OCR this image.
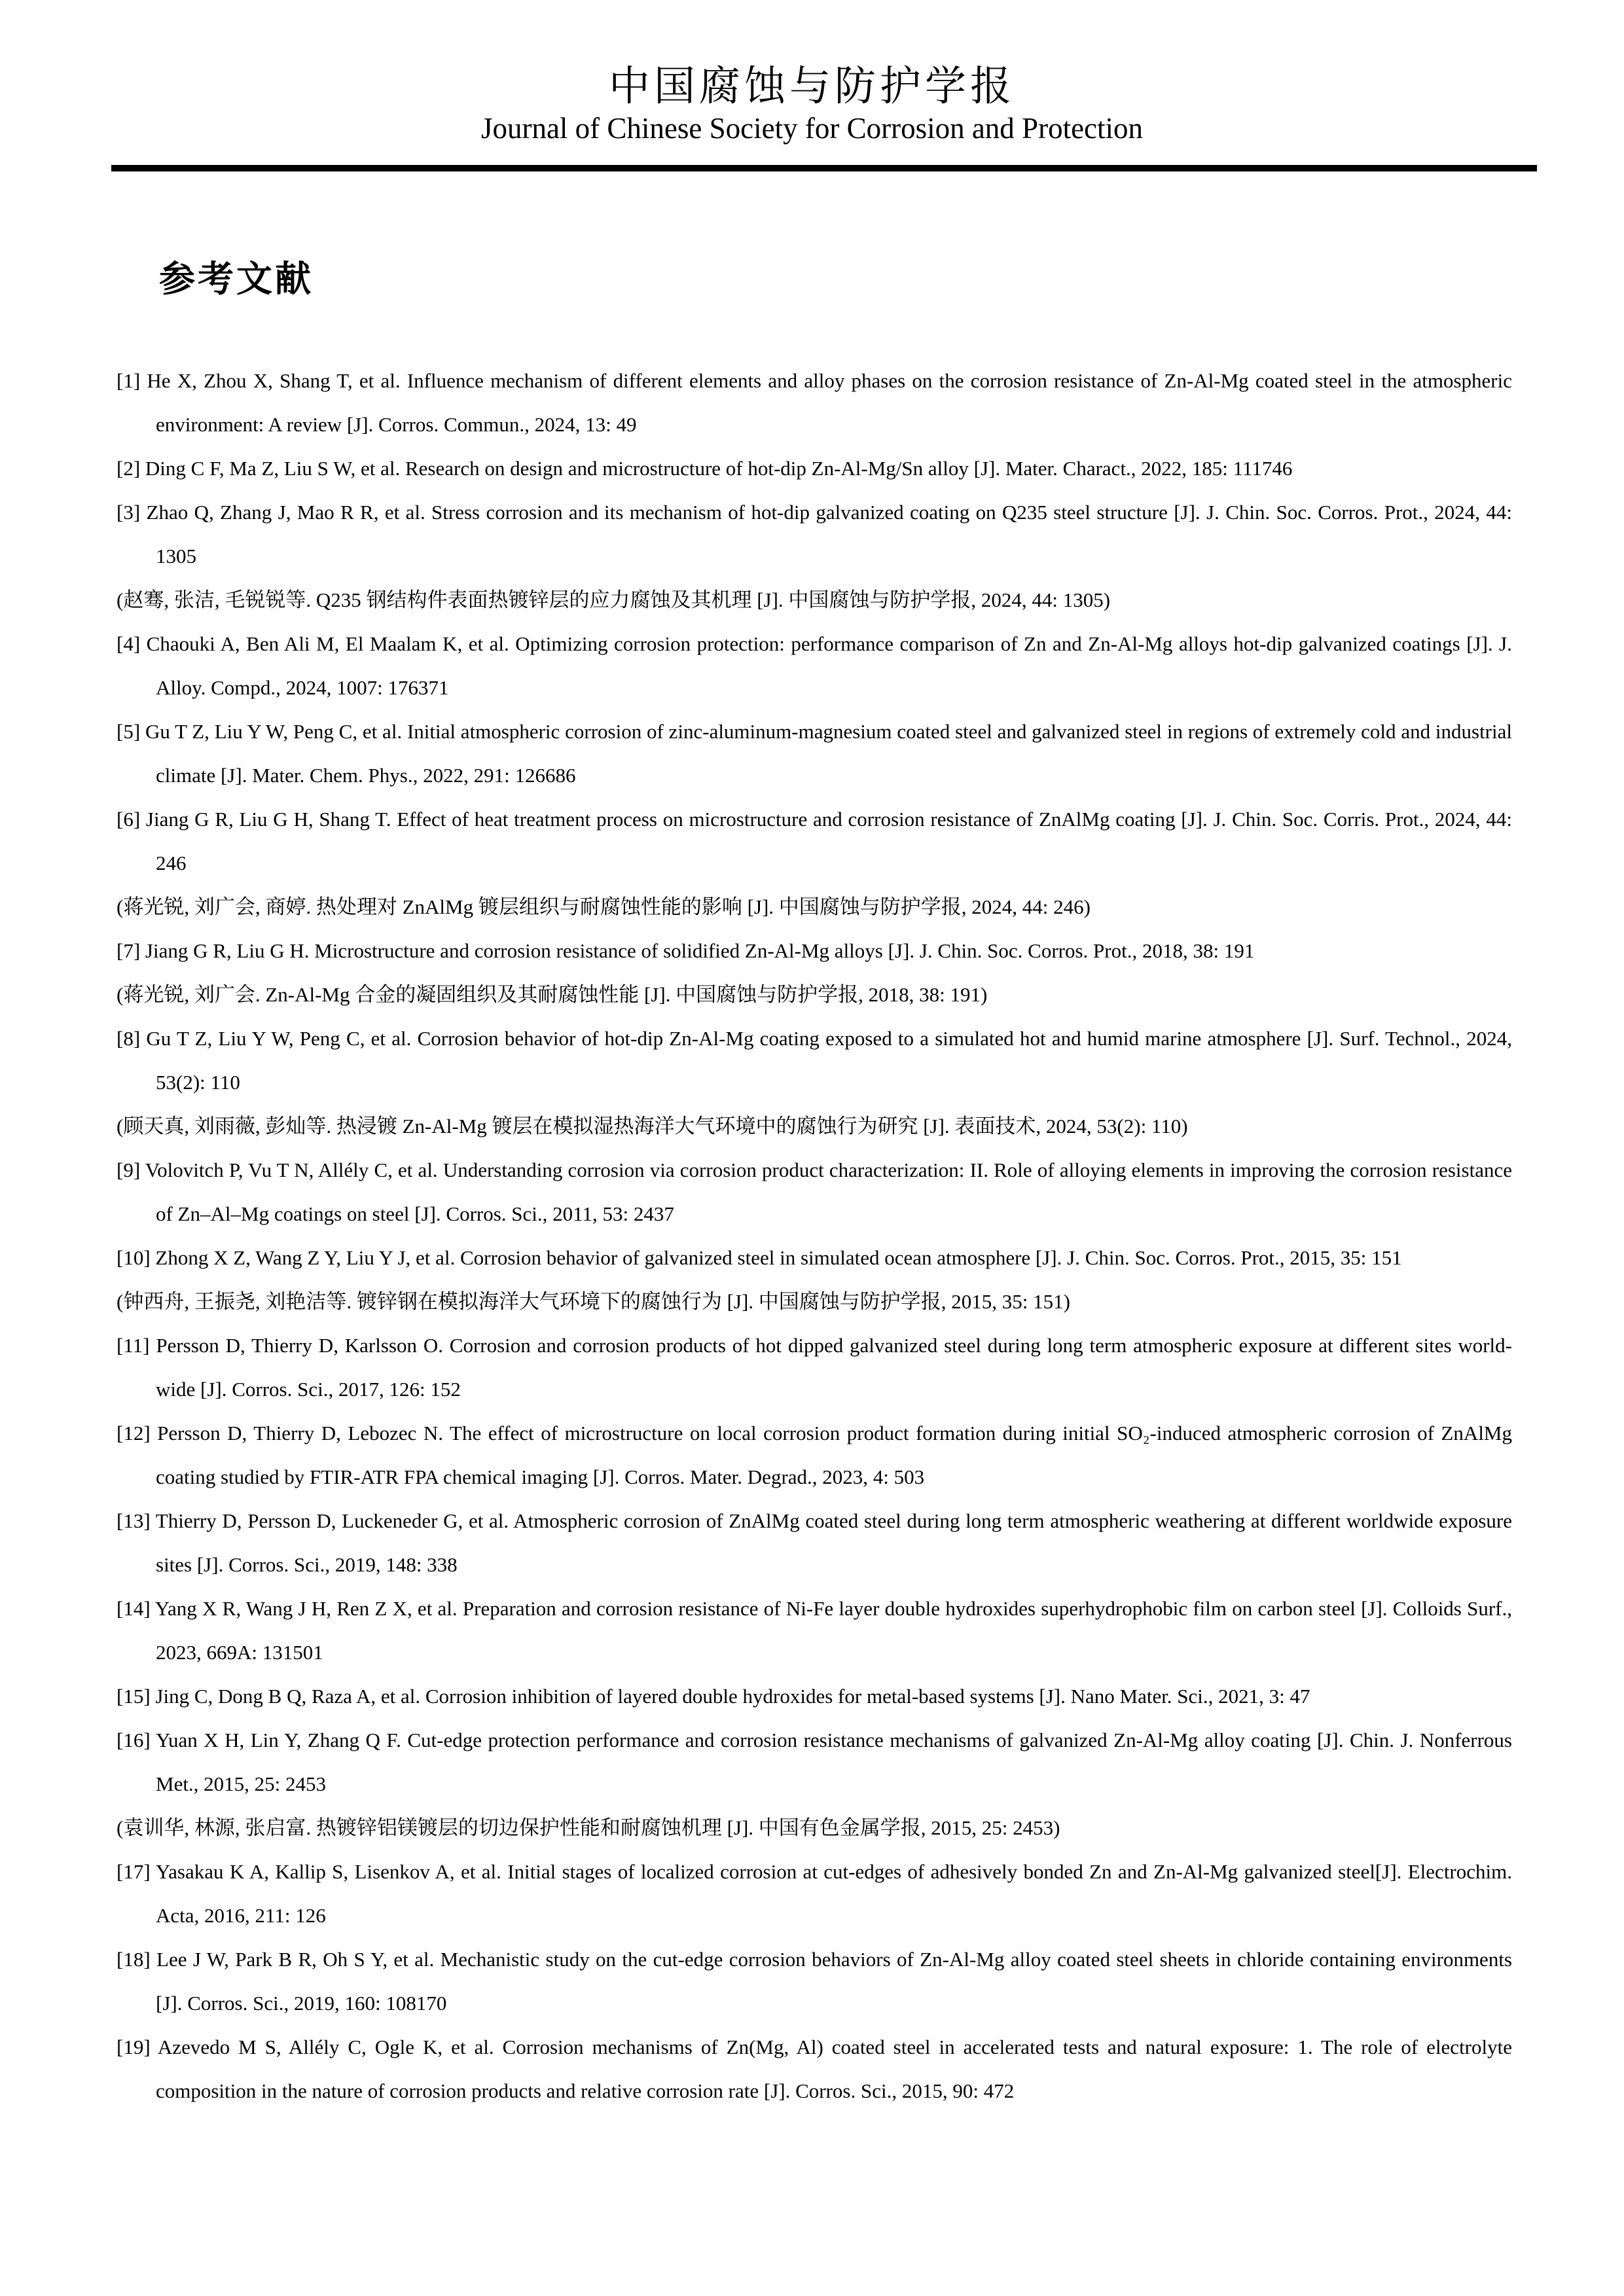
中国腐蚀与防护学报
Journal of Chinese Society for Corrosion and Protection
参考文献

[1] He X, Zhou X, Shang T, et al. Influence mechanism of different elements and alloy phases on the corrosion resistance of Zn-Al-Mg coated steel in the atmospheric environment: A review [J]. Corros. Commun., 2024, 13: 49

[2] Ding C F, Ma Z, Liu S W, et al. Research on design and microstructure of hot-dip Zn-Al-Mg/Sn alloy [J]. Mater. Charact., 2022, 185: 111746

[3] Zhao Q, Zhang J, Mao R R, et al. Stress corrosion and its mechanism of hot-dip galvanized coating on Q235 steel structure [J]. J. Chin. Soc. Corros. Prot., 2024, 44: 1305

(赵骞, 张洁, 毛锐锐等. Q235 钢结构件表面热镀锌层的应力腐蚀及其机理 [J]. 中国腐蚀与防护学报, 2024, 44: 1305)

[4] Chaouki A, Ben Ali M, El Maalam K, et al. Optimizing corrosion protection: performance comparison of Zn and Zn-Al-Mg alloys hot-dip galvanized coatings [J]. J. Alloy. Compd., 2024, 1007: 176371

[5] Gu T Z, Liu Y W, Peng C, et al. Initial atmospheric corrosion of zinc-aluminum-magnesium coated steel and galvanized steel in regions of extremely cold and industrial climate [J]. Mater. Chem. Phys., 2022, 291: 126686

[6] Jiang G R, Liu G H, Shang T. Effect of heat treatment process on microstructure and corrosion resistance of ZnAlMg coating [J]. J. Chin. Soc. Corris. Prot., 2024, 44: 246

(蒋光锐, 刘广会, 商婷. 热处理对 ZnAlMg 镀层组织与耐腐蚀性能的影响 [J]. 中国腐蚀与防护学报, 2024, 44: 246)

[7] Jiang G R, Liu G H. Microstructure and corrosion resistance of solidified Zn-Al-Mg alloys [J]. J. Chin. Soc. Corros. Prot., 2018, 38: 191

(蒋光锐, 刘广会. Zn-Al-Mg 合金的凝固组织及其耐腐蚀性能 [J]. 中国腐蚀与防护学报, 2018, 38: 191)

[8] Gu T Z, Liu Y W, Peng C, et al. Corrosion behavior of hot-dip Zn-Al-Mg coating exposed to a simulated hot and humid marine atmosphere [J]. Surf. Technol., 2024, 53(2): 110

(顾天真, 刘雨薇, 彭灿等. 热浸镀 Zn-Al-Mg 镀层在模拟湿热海洋大气环境中的腐蚀行为研究 [J]. 表面技术, 2024, 53(2): 110)

[9] Volovitch P, Vu T N, Allély C, et al. Understanding corrosion via corrosion product characterization: II. Role of alloying elements in improving the corrosion resistance of Zn–Al–Mg coatings on steel [J]. Corros. Sci., 2011, 53: 2437

[10] Zhong X Z, Wang Z Y, Liu Y J, et al. Corrosion behavior of galvanized steel in simulated ocean atmosphere [J]. J. Chin. Soc. Corros. Prot., 2015, 35: 151

(钟西舟, 王振尧, 刘艳洁等. 镀锌钢在模拟海洋大气环境下的腐蚀行为 [J]. 中国腐蚀与防护学报, 2015, 35: 151)

[11] Persson D, Thierry D, Karlsson O. Corrosion and corrosion products of hot dipped galvanized steel during long term atmospheric exposure at different sites world-wide [J]. Corros. Sci., 2017, 126: 152

[12] Persson D, Thierry D, Lebozec N. The effect of microstructure on local corrosion product formation during initial SO₂-induced atmospheric corrosion of ZnAlMg coating studied by FTIR-ATR FPA chemical imaging [J]. Corros. Mater. Degrad., 2023, 4: 503

[13] Thierry D, Persson D, Luckeneder G, et al. Atmospheric corrosion of ZnAlMg coated steel during long term atmospheric weathering at different worldwide exposure sites [J]. Corros. Sci., 2019, 148: 338

[14] Yang X R, Wang J H, Ren Z X, et al. Preparation and corrosion resistance of Ni-Fe layer double hydroxides superhydrophobic film on carbon steel [J]. Colloids Surf., 2023, 669A: 131501

[15] Jing C, Dong B Q, Raza A, et al. Corrosion inhibition of layered double hydroxides for metal-based systems [J]. Nano Mater. Sci., 2021, 3: 47

[16] Yuan X H, Lin Y, Zhang Q F. Cut-edge protection performance and corrosion resistance mechanisms of galvanized Zn-Al-Mg alloy coating [J]. Chin. J. Nonferrous Met., 2015, 25: 2453

(袁训华, 林源, 张启富. 热镀锌铝镁镀层的切边保护性能和耐腐蚀机理 [J]. 中国有色金属学报, 2015, 25: 2453)

[17] Yasakau K A, Kallip S, Lisenkov A, et al. Initial stages of localized corrosion at cut-edges of adhesively bonded Zn and Zn-Al-Mg galvanized steel[J]. Electrochim. Acta, 2016, 211: 126

[18] Lee J W, Park B R, Oh S Y, et al. Mechanistic study on the cut-edge corrosion behaviors of Zn-Al-Mg alloy coated steel sheets in chloride containing environments [J]. Corros. Sci., 2019, 160: 108170

[19] Azevedo M S, Allély C, Ogle K, et al. Corrosion mechanisms of Zn(Mg, Al) coated steel in accelerated tests and natural exposure: 1. The role of electrolyte composition in the nature of corrosion products and relative corrosion rate [J]. Corros. Sci., 2015, 90: 472
